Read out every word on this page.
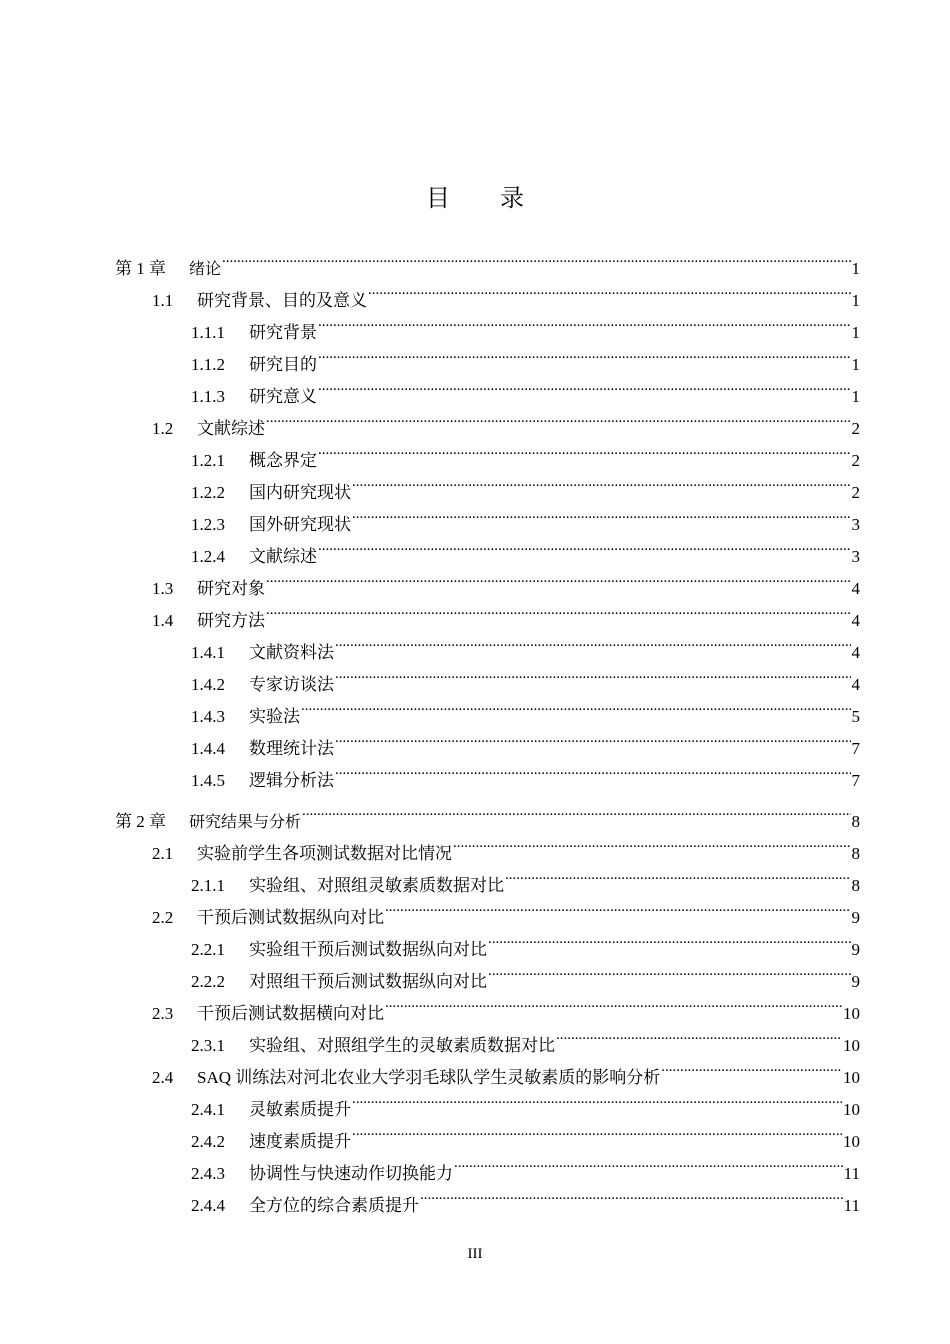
目 录
第 1 章	绪论 .....	1
1.1	研究背景、目的及意义 .....	1
1.1.1	研究背景 .....	1
1.1.2	研究目的 .....	1
1.1.3	研究意义 .....	1
1.2	文献综述 .....	2
1.2.1	概念界定 .....	2
1.2.2	国内研究现状 .....	2
1.2.3	国外研究现状 .....	3
1.2.4	文献综述 .....	3
1.3	研究对象 .....	4
1.4	研究方法 .....	4
1.4.1	文献资料法 .....	4
1.4.2	专家访谈法 .....	4
1.4.3	实验法 .....	5
1.4.4	数理统计法 .....	7
1.4.5	逻辑分析法 .....	7
第 2 章	研究结果与分析 .....	8
2.1	实验前学生各项测试数据对比情况 .....	8
2.1.1	实验组、对照组灵敏素质数据对比 .....	8
2.2	干预后测试数据纵向对比 .....	9
2.2.1	实验组干预后测试数据纵向对比 .....	9
2.2.2	对照组干预后测试数据纵向对比 .....	9
2.3	干预后测试数据横向对比 .....	10
2.3.1	实验组、对照组学生的灵敏素质数据对比 .....	10
2.4	SAQ 训练法对河北农业大学羽毛球队学生灵敏素质的影响分析 .....	10
2.4.1	灵敏素质提升 .....	10
2.4.2	速度素质提升 .....	10
2.4.3	协调性与快速动作切换能力 .....	11
2.4.4	全方位的综合素质提升 .....	11
III
